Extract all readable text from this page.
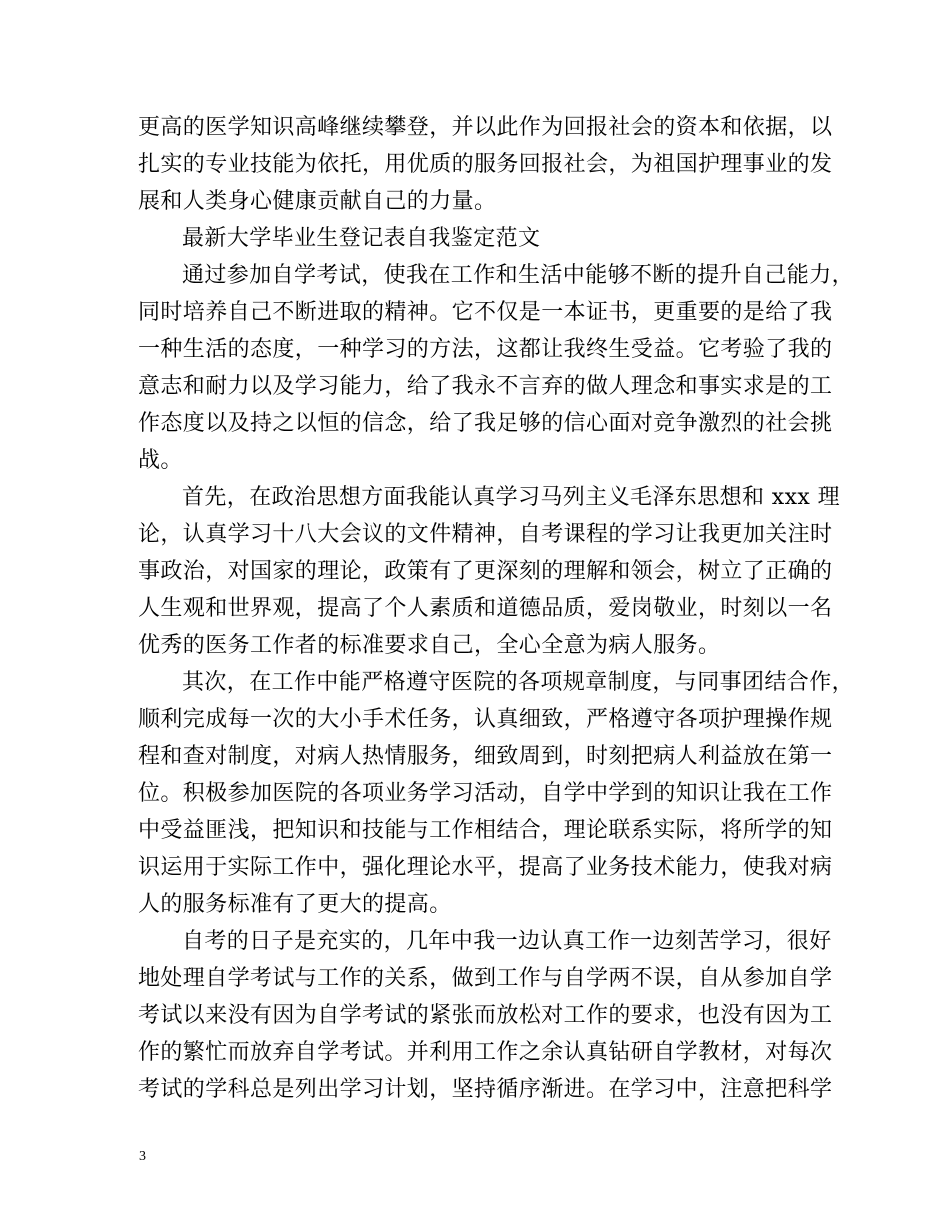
更高的医学知识高峰继续攀登，并以此作为回报社会的资本和依据，以

扎实的专业技能为依托，用优质的服务回报社会，为祖国护理事业的发

展和人类身心健康贡献自己的力量。

最新大学毕业生登记表自我鉴定范文

通过参加自学考试，使我在工作和生活中能够不断的提升自己能力，

同时培养自己不断进取的精神。它不仅是一本证书，更重要的是给了我

一种生活的态度，一种学习的方法，这都让我终生受益。它考验了我的

意志和耐力以及学习能力，给了我永不言弃的做人理念和事实求是的工

作态度以及持之以恒的信念，给了我足够的信心面对竞争激烈的社会挑

战。

首先，在政治思想方面我能认真学习马列主义毛泽东思想和 xxx 理

论，认真学习十八大会议的文件精神，自考课程的学习让我更加关注时

事政治，对国家的理论，政策有了更深刻的理解和领会，树立了正确的

人生观和世界观，提高了个人素质和道德品质，爱岗敬业，时刻以一名

优秀的医务工作者的标准要求自己，全心全意为病人服务。

其次，在工作中能严格遵守医院的各项规章制度，与同事团结合作，

顺利完成每一次的大小手术任务，认真细致，严格遵守各项护理操作规

程和查对制度，对病人热情服务，细致周到，时刻把病人利益放在第一

位。积极参加医院的各项业务学习活动，自学中学到的知识让我在工作

中受益匪浅，把知识和技能与工作相结合，理论联系实际，将所学的知

识运用于实际工作中，强化理论水平，提高了业务技术能力，使我对病

人的服务标准有了更大的提高。

自考的日子是充实的，几年中我一边认真工作一边刻苦学习，很好

地处理自学考试与工作的关系，做到工作与自学两不误，自从参加自学

考试以来没有因为自学考试的紧张而放松对工作的要求，也没有因为工

作的繁忙而放弃自学考试。并利用工作之余认真钻研自学教材，对每次

考试的学科总是列出学习计划，坚持循序渐进。在学习中，注意把科学

3
